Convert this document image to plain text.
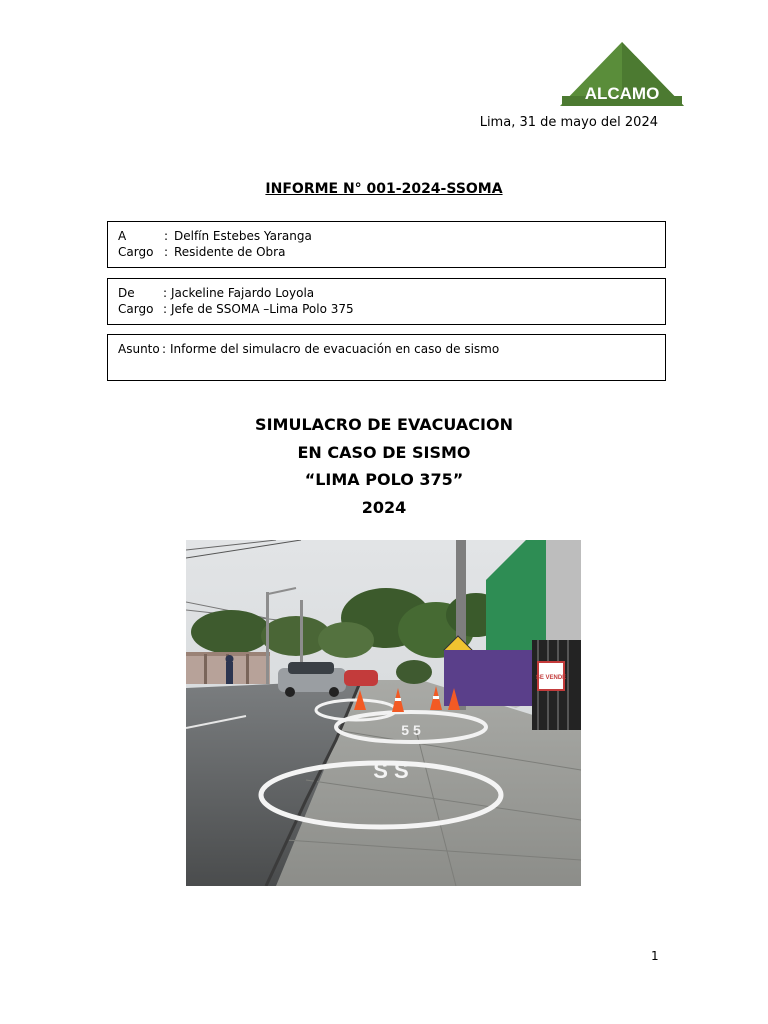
ALCAMO
Lima, 31 de mayo del 2024
INFORME N° 001-2024-SSOMA
A	: Delfín Estebes Yaranga
Cargo : Residente de Obra
De	: Jackeline Fajardo Loyola
Cargo : Jefe de SSOMA –Lima Polo 375
Asunto : Informe del simulacro de evacuación en caso de sismo
SIMULACRO DE EVACUACION
EN CASO DE SISMO
“LIMA POLO 375”
2024
5 5
S S
SE VENDE
1
